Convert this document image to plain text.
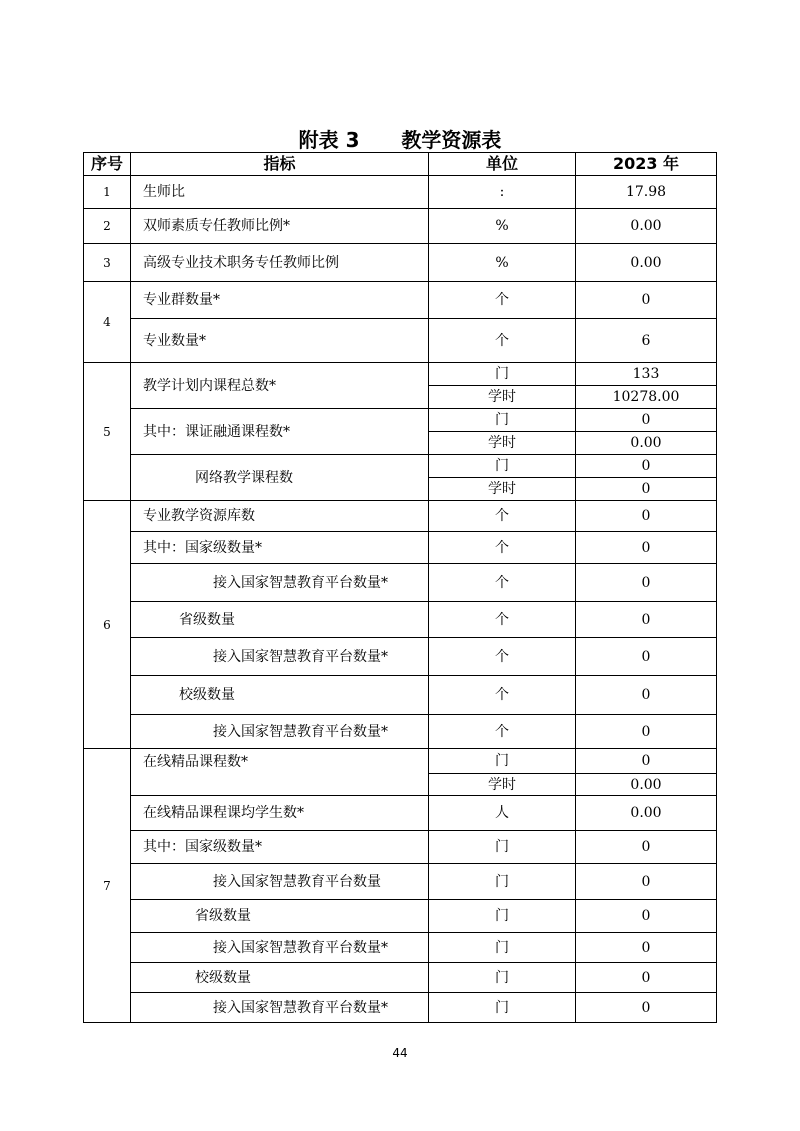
附表 3 教学资源表
序号	指标	单位	2023 年
1	生师比	:	17.98
2	双师素质专任教师比例*	%	0.00
3	高级专业技术职务专任教师比例	%	0.00
4	专业群数量*	个	0
	专业数量*	个	6
5	教学计划内课程总数*	门	133
		学时	10278.00
	其中：课证融通课程数*	门	0
		学时	0.00
	网络教学课程数	门	0
		学时	0
6	专业教学资源库数	个	0
	其中：国家级数量*	个	0
	接入国家智慧教育平台数量*	个	0
	省级数量	个	0
	接入国家智慧教育平台数量*	个	0
	校级数量	个	0
	接入国家智慧教育平台数量*	个	0
7	在线精品课程数*	门	0
		学时	0.00
	在线精品课程课均学生数*	人	0.00
	其中：国家级数量*	门	0
	接入国家智慧教育平台数量	门	0
	省级数量	门	0
	接入国家智慧教育平台数量*	门	0
	校级数量	门	0
	接入国家智慧教育平台数量*	门	0
44
